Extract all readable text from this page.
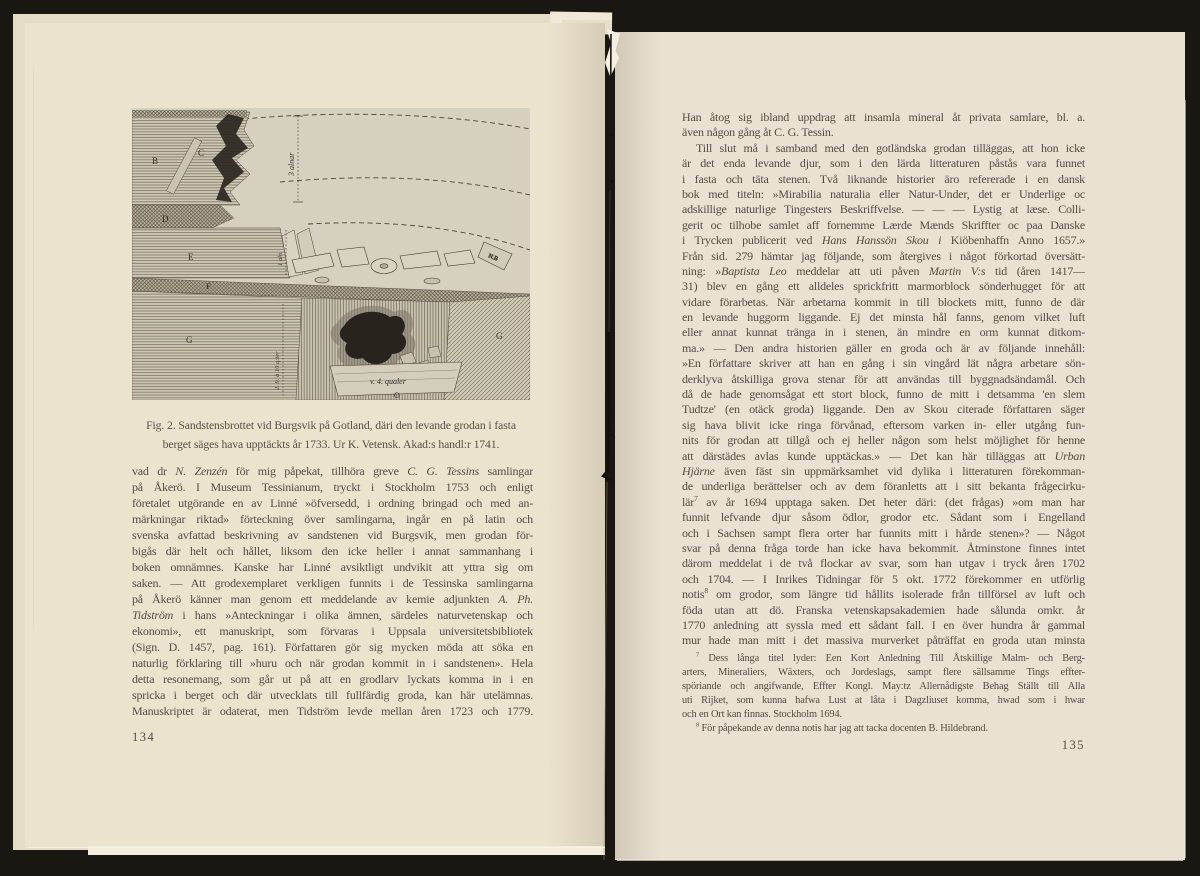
B
C
D
E
F
N.B
G	G
v. 4. qualer
O
3 alnar
1 aln
2. 9. à 10 q:ter
Fig. 2. Sandstensbrottet vid Burgsvik på Gotland, däri den levande grodan i fasta
berget säges hava upptäckts år 1733. Ur K. Vetensk. Akad:s handl:r 1741.
vad dr N. Zenzén för mig påpekat, tillhöra greve C. G. Tessins samlingar
på Åkerö. I Museum Tessinianum, tryckt i Stockholm 1753 och enligt
företalet utgörande en av Linné »öfversedd, i ordning bringad och med an-
märkningar riktad» förteckning över samlingarna, ingår en på latin och
svenska avfattad beskrivning av sandstenen vid Burgsvik, men grodan för-
bigås där helt och hållet, liksom den icke heller i annat sammanhang i
boken omnämnes. Kanske har Linné avsiktligt undvikit att yttra sig om
saken. — Att grodexemplaret verkligen funnits i de Tessinska samlingarna
på Åkerö känner man genom ett meddelande av kemie adjunkten A. Ph.
Tidström i hans »Anteckningar i olika ämnen, särdeles naturvetenskap och
ekonomi», ett manuskript, som förvaras i Uppsala universitetsbibliotek
(Sign. D. 1457, pag. 161). Författaren gör sig mycken möda att söka en
naturlig förklaring till »huru och när grodan kommit in i sandstenen». Hela
detta resonemang, som går ut på att en grodlarv lyckats komma in i en
spricka i berget och där utvecklats till fullfärdig groda, kan här utelämnas.
Manuskriptet är odaterat, men Tidström levde mellan åren 1723 och 1779.
134
Han åtog sig ibland uppdrag att insamla mineral åt privata samlare, bl. a.
även någon gång åt C. G. Tessin.
Till slut må i samband med den gotländska grodan tilläggas, att hon icke
är det enda levande djur, som i den lärda litteraturen påstås vara funnet
i fasta och täta stenen. Två liknande historier äro refererade i en dansk
bok med titeln: »Mirabilia naturalia eller Natur-Under, det er Underlige oc
adskillige naturlige Tingesters Beskriffvelse. — — — Lystig at læse. Colli-
gerit oc tilhobe samlet aff fornemme Lærde Mænds Skriffter oc paa Danske
i Trycken publicerit ved Hans Hanssön Skou i Kiöbenhaffn Anno 1657.»
Från sid. 279 hämtar jag följande, som återgives i något förkortad översätt-
ning: »Baptista Leo meddelar att uti påven Martin V:s tid (åren 1417—
31) blev en gång ett alldeles sprickfritt marmorblock sönderhugget för att
vidare förarbetas. När arbetarna kommit in till blockets mitt, funno de där
en levande huggorm liggande. Ej det minsta hål fanns, genom vilket luft
eller annat kunnat tränga in i stenen, än mindre en orm kunnat ditkom-
ma.» — Den andra historien gäller en groda och är av följande innehåll:
»En författare skriver att han en gång i sin vingård lät några arbetare sön-
derklyva åtskilliga grova stenar för att användas till byggnadsändamål. Och
då de hade genomsågat ett stort block, funno de mitt i detsamma 'en slem
Tudtze' (en otäck groda) liggande. Den av Skou citerade författaren säger
sig hava blivit icke ringa förvånad, eftersom varken in- eller utgång fun-
nits för grodan att tillgå och ej heller någon som helst möjlighet för henne
att därstädes avlas kunde upptäckas.» — Det kan här tilläggas att Urban
Hjärne även fäst sin uppmärksamhet vid dylika i litteraturen förekomman-
de underliga berättelser och av dem föranletts att i sitt bekanta frågecirku-
lär$^7$ av år 1694 upptaga saken. Det heter däri: (det frågas) »om man har
funnit lefvande djur såsom ödlor, grodor etc. Sådant som i Engelland
och i Sachsen sampt flera orter har funnits mitt i hårde stenen»? — Något
svar på denna fråga torde han icke hava bekommit. Åtminstone finnes intet
därom meddelat i de två flockar av svar, som han utgav i tryck åren 1702
och 1704. — I Inrikes Tidningar för 5 okt. 1772 förekommer en utförlig
notis$^8$ om grodor, som längre tid hållits isolerade från tillförsel av luft och
föda utan att dö. Franska vetenskapsakademien hade sålunda omkr. år
1770 anledning att syssla med ett sådant fall. I en över hundra år gammal
mur hade man mitt i det massiva murverket påträffat en groda utan minsta
$^7$ Dess långa titel lyder: Een Kort Anledning Till Åtskillige Malm- och Berg-
arters, Mineraliers, Wäxters, och Jordeslags, sampt flere sällsamme Tings effter-
spöriande och angifwande, Effter Kongl. May:tz Allernådigste Behag Ställt till Alla
uti Rijket, som kunna hafwa Lust at låta i Dagzliuset komma, hwad som i hwar
och en Ort kan finnas. Stockholm 1694.
$^8$ För påpekande av denna notis har jag att tacka docenten B. Hildebrand.
135
